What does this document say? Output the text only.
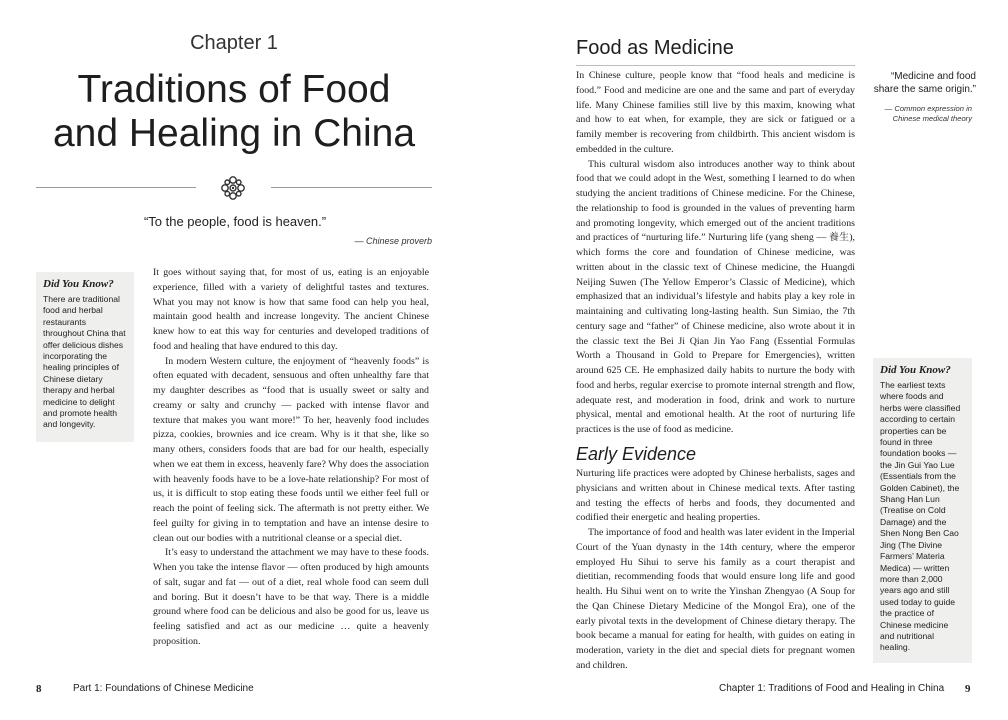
Chapter 1
Traditions of Food
and Healing in China
“To the people, food is heaven.”
— Chinese proverb
Did You Know?
There are traditional food and herbal restaurants throughout China that offer delicious dishes incorporating the healing principles of Chinese dietary therapy and herbal medicine to delight and promote health and longevity.

It goes without saying that, for most of us, eating is an enjoyable experience, filled with a variety of delightful tastes and textures. What you may not know is how that same food can help you heal, maintain good health and increase longevity. The ancient Chinese knew how to eat this way for centuries and developed traditions of food and healing that have endured to this day.

In modern Western culture, the enjoyment of “heavenly foods” is often equated with decadent, sensuous and often unhealthy fare that my daughter describes as “food that is usually sweet or salty and creamy or salty and crunchy — packed with intense flavor and texture that makes you want more!” To her, heavenly food includes pizza, cookies, brownies and ice cream. Why is it that she, like so many others, considers foods that are bad for our health, especially when we eat them in excess, heavenly fare? Why does the association with heavenly foods have to be a love-hate relationship? For most of us, it is difficult to stop eating these foods until we either feel full or reach the point of feeling sick. The aftermath is not pretty either. We feel guilty for giving in to temptation and have an intense desire to clean out our bodies with a nutritional cleanse or a special diet.

It’s easy to understand the attachment we may have to these foods. When you take the intense flavor — often produced by high amounts of salt, sugar and fat — out of a diet, real whole food can seem dull and boring. But it doesn’t have to be that way. There is a middle ground where food can be delicious and also be good for us, leave us feeling satisfied and act as our medicine … quite a heavenly proposition.

8	Part 1: Foundations of Chinese Medicine
Food as Medicine
“Medicine and food share the same origin.”
— Common expression in Chinese medical theory

In Chinese culture, people know that “food heals and medicine is food.” Food and medicine are one and the same and part of everyday life. Many Chinese families still live by this maxim, knowing what and how to eat when, for example, they are sick or fatigued or a family member is recovering from childbirth. This ancient wisdom is embedded in the culture.

This cultural wisdom also introduces another way to think about food that we could adopt in the West, something I learned to do when studying the ancient traditions of Chinese medicine. For the Chinese, the relationship to food is grounded in the values of preventing harm and promoting longevity, which emerged out of the ancient traditions and practices of “nurturing life.” Nurturing life (yang sheng — 養生), which forms the core and foundation of Chinese medicine, was written about in the classic text of Chinese medicine, the Huangdi Neijing Suwen (The Yellow Emperor’s Classic of Medicine), which emphasized that an individual’s lifestyle and habits play a key role in maintaining and cultivating long-lasting health. Sun Simiao, the 7th century sage and “father” of Chinese medicine, also wrote about it in the classic text the Bei Ji Qian Jin Yao Fang (Essential Formulas Worth a Thousand in Gold to Prepare for Emergencies), written around 625 CE. He emphasized daily habits to nurture the body with food and herbs, regular exercise to promote internal strength and flow, adequate rest, and moderation in food, drink and work to nurture physical, mental and emotional health. At the root of nurturing life practices is the use of food as medicine.

Early Evidence

Nurturing life practices were adopted by Chinese herbalists, sages and physicians and written about in Chinese medical texts. After tasting and testing the effects of herbs and foods, they documented and codified their energetic and healing properties.

The importance of food and health was later evident in the Imperial Court of the Yuan dynasty in the 14th century, where the emperor employed Hu Sihui to serve his family as a court therapist and dietitian, recommending foods that would ensure long life and good health. Hu Sihui went on to write the Yinshan Zhengyao (A Soup for the Qan Chinese Dietary Medicine of the Mongol Era), one of the early pivotal texts in the development of Chinese dietary therapy. The book became a manual for eating for health, with guides on eating in moderation, variety in the diet and special diets for pregnant women and children.

Did You Know?
The earliest texts where foods and herbs were classified according to certain properties can be found in three foundation books — the Jin Gui Yao Lue (Essentials from the Golden Cabinet), the Shang Han Lun (Treatise on Cold Damage) and the Shen Nong Ben Cao Jing (The Divine Farmers’ Materia Medica) — written more than 2,000 years ago and still used today to guide the practice of Chinese medicine and nutritional healing.
Chapter 1: Traditions of Food and Healing in China 9
